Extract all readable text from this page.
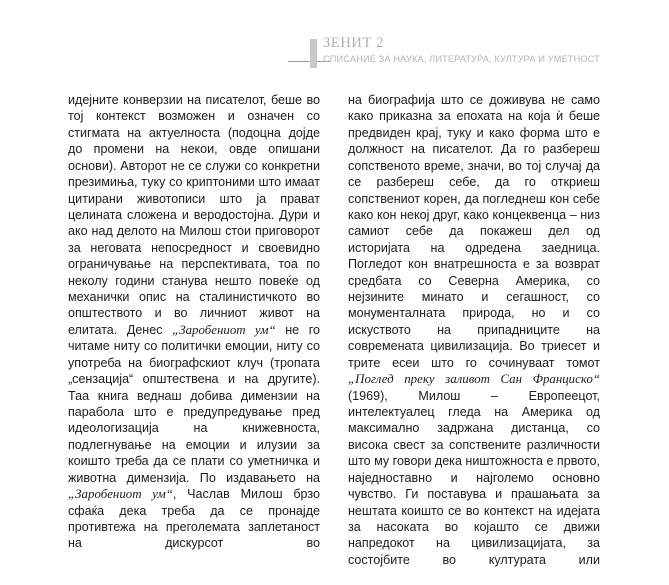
ЗЕНИТ 2
СПИСАНИЕ ЗА НАУКА, ЛИТЕРАТУРА, КУЛТУРА И УМЕТНОСТ

идејните конверзии на писателот, беше во тој контекст возможен и означен со стигмата на актуелноста (подоцна дојде до промени на некои, овде опишани основи). Авторот не се служи со конкретни презимиња, туку со криптоними што имаат цитирани животописи што ја прават целината сложена и веродостојна. Дури и ако над делото на Милош стои приговорот за неговата непосредност и своевидно ограничување на перспективата, тоа по неколу години станува нешто повеќе од механички опис на сталинистичкото во општеството и во личниот живот на елитата. Денес „Заробениот ум“ не го читаме ниту со политички емоции, ниту со употреба на биографскиот клуч (тропата „сензација“ општествена и на другите). Таа книга веднаш добива димензии на парабола што е предупредување пред идеологизација на книжевноста, подлегнување на емоции и илузии за коишто треба да се плати со уметничка и животна димензија. По издавањето на „Заробениот ум“, Часлав Милош брзо сфаќа дека треба да се пронајде противтежа на преголемата заплетаност на дискурсот во

на биографија што се доживува не само како приказна за епохата на која ѝ беше предвиден крај, туку и како форма што е должност на писателот. Да го разбереш сопственото време, значи, во тој случај да се разбереш себе, да го откриеш сопствениот корен, да погледнеш кон себе како кон некој друг, како концеквенца – низ самиот себе да покажеш дел од историјата на одредена заедница. Погледот кон внатрешноста е за возврат средбата со Северна Америка, со нејзините минато и сегашност, со монументалната природа, но и со искуството на припадниците на современата цивилизација. Во триесет и трите есеи што го сочинуваат томот „Поглед преку заливот Сан Франциско“ (1969), Милош – Европеецот, интелектуалец гледа на Америка од максимално задржана дистанца, со висока свест за сопствените различности што му говори дека ништожноста е првото, наједноставно и најголемо основно чувство. Ги поставува и прашањата за нештата коишто се во контекст на идејата за насоката во којашто се движи напредокот на цивилизацијата, за состојбите во културата или
